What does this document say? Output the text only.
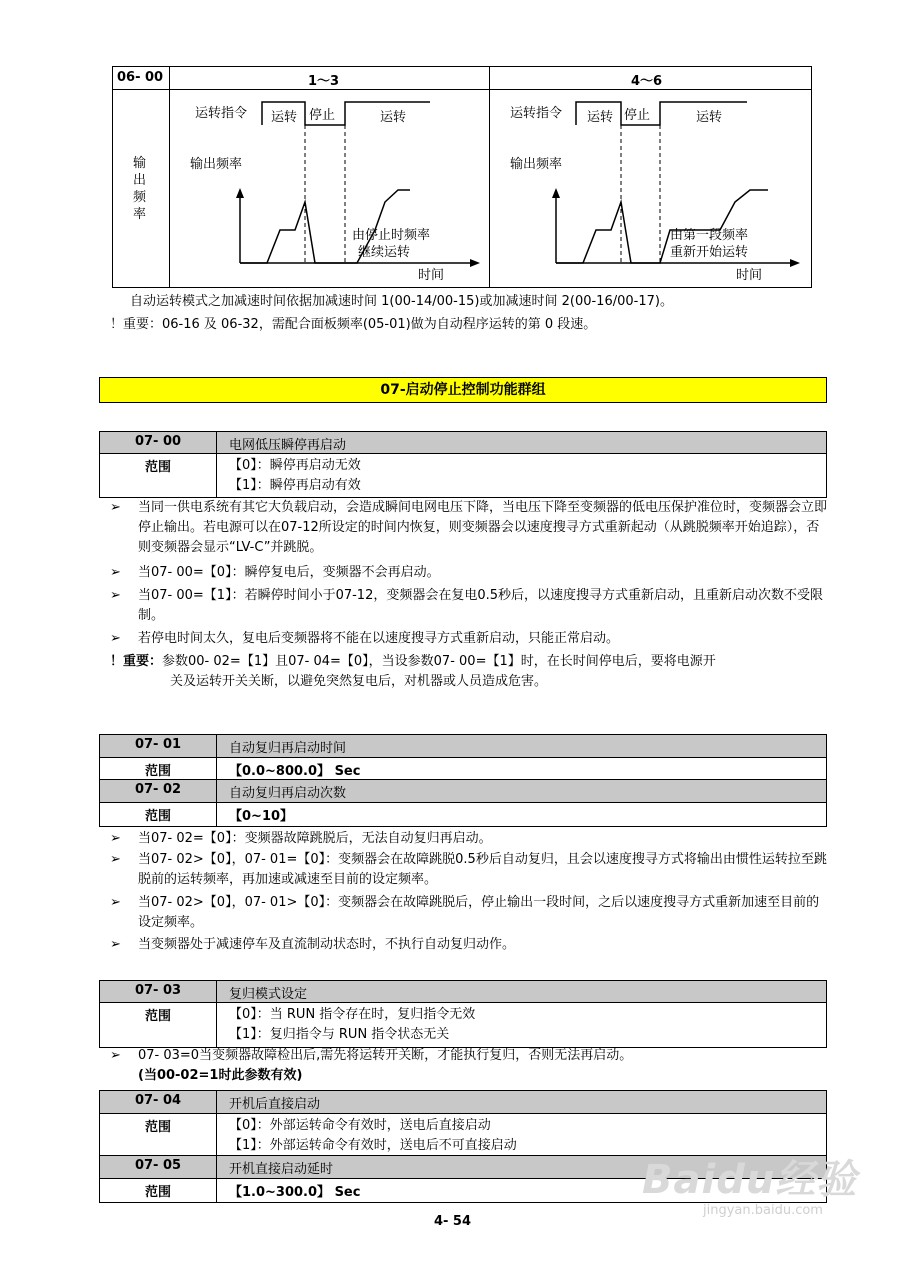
06- 00	1～3	4～6
输出频率
运转指令 运转 停止	运转
输出频率
由停止时频率
继续运转
时间
运转指令 运转 停止	运转
输出频率
由第一段频率
重新开始运转
时间
自动运转模式之加减速时间依据加减速时间 1(00-14/00-15)或加减速时间 2(00-16/00-17)。
！重要：06-16 及 06-32，需配合面板频率(05-01)做为自动程序运转的第 0 段速。
07-启动停止控制功能群组
07- 00	电网低压瞬停再启动
范围	【0】：瞬停再启动无效
【1】：瞬停再启动有效
➢ 当同一供电系统有其它大负载启动，会造成瞬间电网电压下降，当电压下降至变频器的低电压保护准位时，变频器会立即停止输出。若电源可以在07-12所设定的时间内恢复，则变频器会以速度搜寻方式重新起动（从跳脱频率开始追踪），否则变频器会显示“LV-C”并跳脱。
➢ 当07- 00=【0】：瞬停复电后，变频器不会再启动。
➢ 当07- 00=【1】：若瞬停时间小于07-12，变频器会在复电0.5秒后，以速度搜寻方式重新启动，且重新启动次数不受限制。
➢ 若停电时间太久，复电后变频器将不能在以速度搜寻方式重新启动，只能正常启动。
！重要：参数00- 02=【1】且07- 04=【0】，当设参数07- 00=【1】时，在长时间停电后，要将电源开
关及运转开关关断，以避免突然复电后，对机器或人员造成危害。
07- 01	自动复归再启动时间
范围	【0.0~800.0】 Sec
07- 02	自动复归再启动次数
范围	【0~10】
➢ 当07- 02=【0】：变频器故障跳脱后，无法自动复归再启动。
➢ 当07- 02>【0】，07- 01=【0】：变频器会在故障跳脱0.5秒后自动复归，且会以速度搜寻方式将输出由惯性运转拉至跳脱前的运转频率，再加速或减速至目前的设定频率。
➢ 当07- 02>【0】，07- 01>【0】：变频器会在故障跳脱后，停止输出一段时间，之后以速度搜寻方式重新加速至目前的设定频率。
➢ 当变频器处于减速停车及直流制动状态时，不执行自动复归动作。
07- 03	复归模式设定
范围	【0】：当 RUN 指令存在时，复归指令无效
【1】：复归指令与 RUN 指令状态无关
➢ 07- 03=0当变频器故障检出后,需先将运转开关断，才能执行复归，否则无法再启动。
(当00-02=1时此参数有效)
07- 04	开机后直接启动
范围	【0】：外部运转命令有效时，送电后直接启动
【1】：外部运转命令有效时，送电后不可直接启动
07- 05	开机直接启动延时
范围	【1.0~300.0】 Sec	Baidu经验
jingyan.baidu.com
4- 54
